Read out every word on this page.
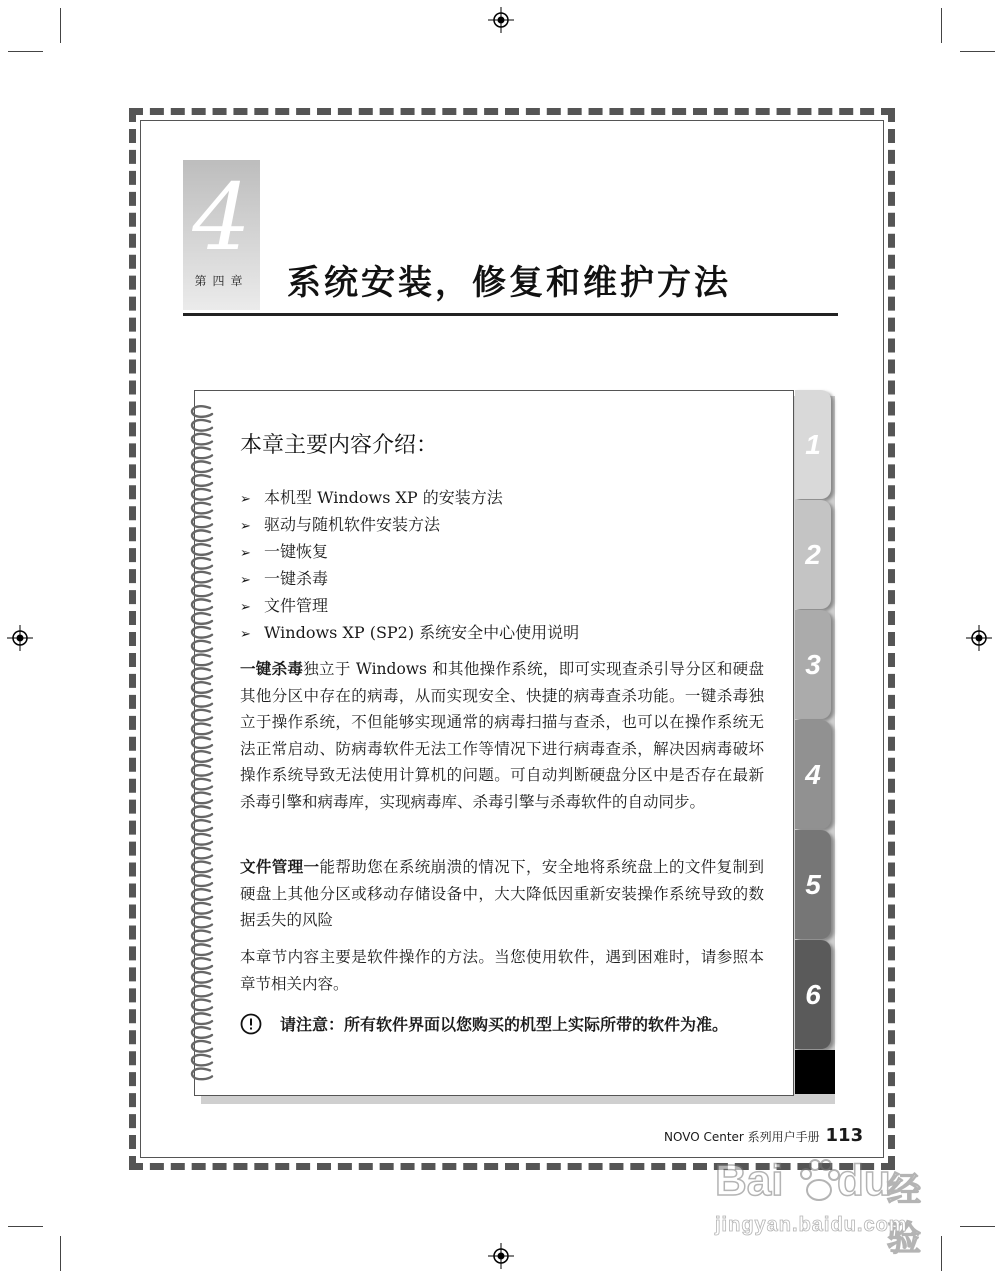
4
第四章	系统安装，修复和维护方法
1
2
3
4
5
6
本章主要内容介绍：
➢ 本机型 Windows XP 的安装方法
➢ 驱动与随机软件安装方法
➢ 一键恢复
➢ 一键杀毒
➢ 文件管理
➢ Windows XP (SP2) 系统安全中心使用说明

一键杀毒独立于 Windows 和其他操作系统，即可实现查杀引导分区和硬盘其他分区中存在的病毒，从而实现安全、快捷的病毒查杀功能。一键杀毒独立于操作系统，不但能够实现通常的病毒扫描与查杀，也可以在操作系统无法正常启动、防病毒软件无法工作等情况下进行病毒查杀，解决因病毒破坏操作系统导致无法使用计算机的问题。可自动判断硬盘分区中是否存在最新杀毒引擎和病毒库，实现病毒库、杀毒引擎与杀毒软件的自动同步。

文件管理一能帮助您在系统崩溃的情况下，安全地将系统盘上的文件复制到硬盘上其他分区或移动存储设备中，大大降低因重新安装操作系统导致的数据丢失的风险

本章节内容主要是软件操作的方法。当您使用软件，遇到困难时，请参照本章节相关内容。

请注意：所有软件界面以您购买的机型上实际所带的软件为准。
NOVO Center 系列用户手册 113
Bai du
经验
jingyan.baidu.com
